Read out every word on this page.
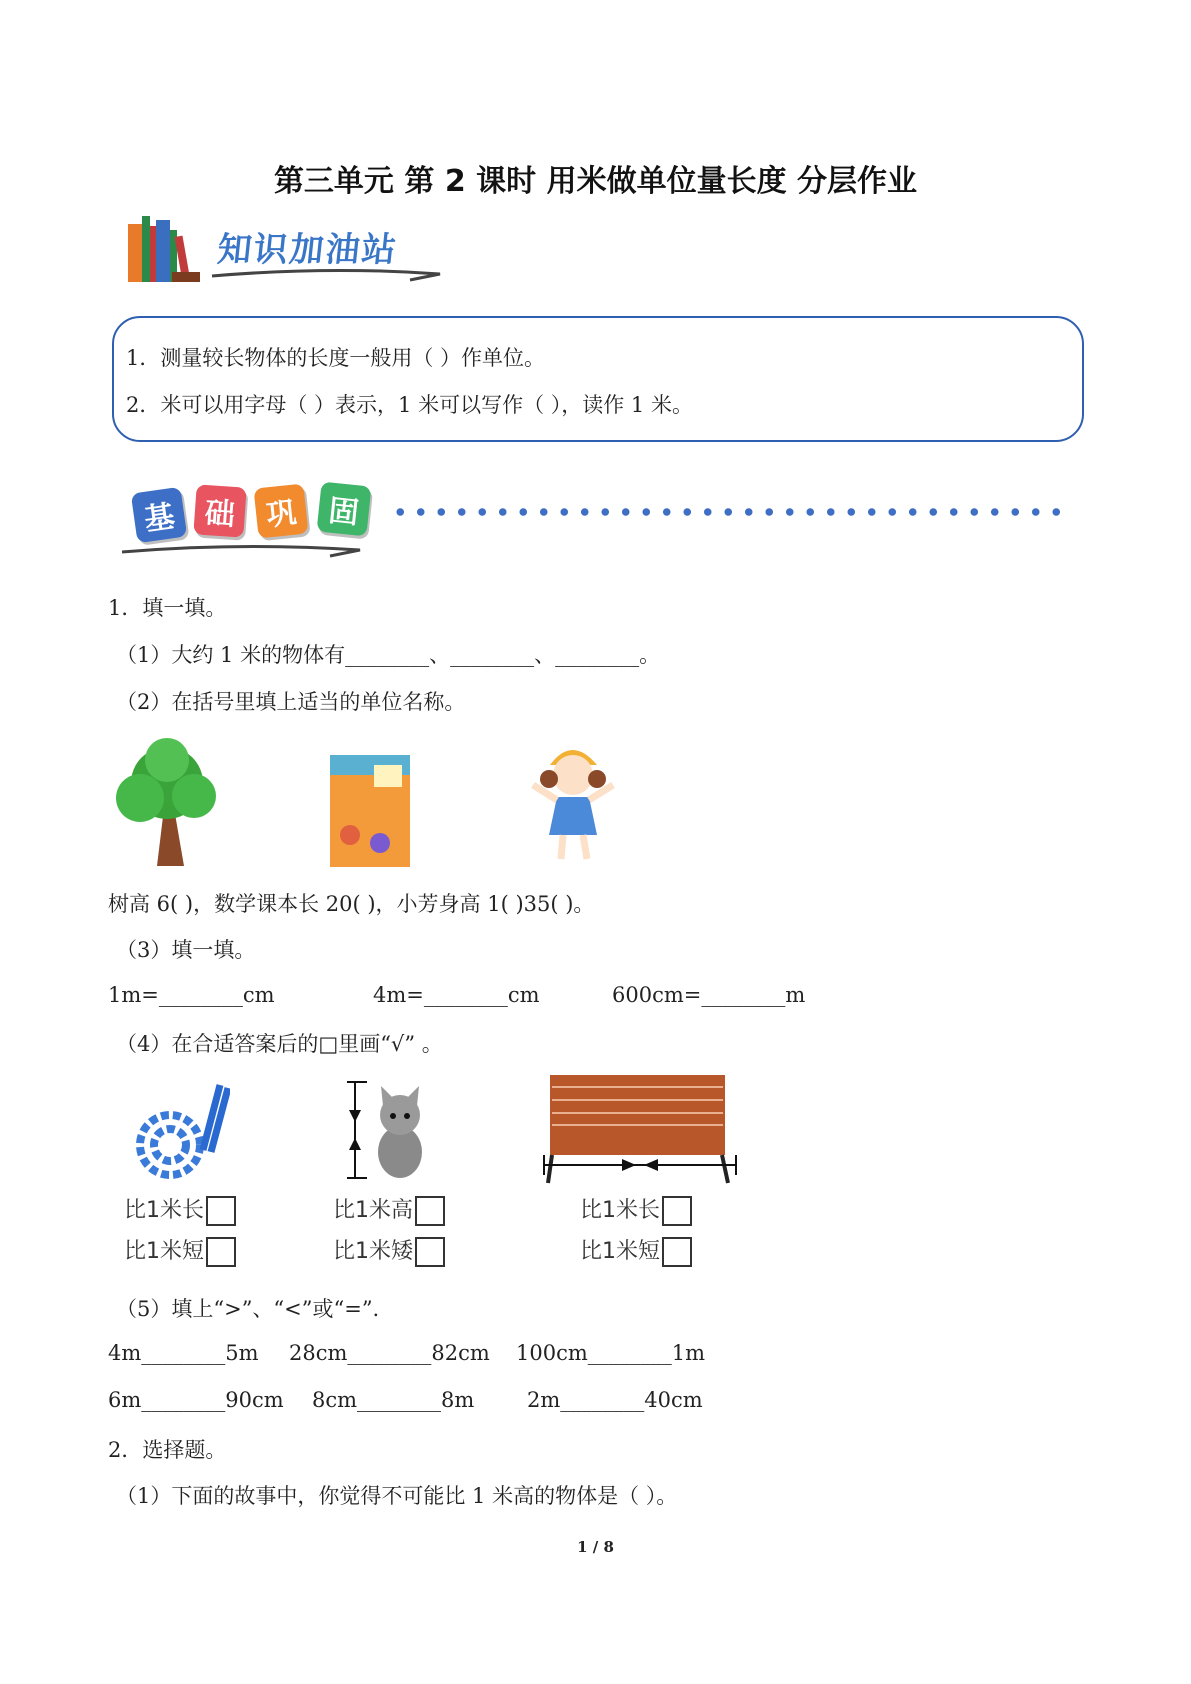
第三单元 第 2 课时 用米做单位量长度 分层作业
知识加油站
1．测量较长物体的长度一般用（ ）作单位。
2．米可以用字母（ ）表示，1 米可以写作（ ），读作 1 米。
基 础 巩 固
1．填一填。
（1）大约 1 米的物体有________、________、________。
（2）在括号里填上适当的单位名称。
树高 6( )，数学课本长 20( )，小芳身高 1( )35( )。
（3）填一填。
1m=________cm	4m=________cm	600cm=________m
（4）在合适答案后的□里画“√” 。
比1米长
比1米短
比1米高
比1米矮
比1米长
比1米短
（5）填上“>”、“<”或“=”.
4m________5m 28cm________82cm 100cm________1m
6m________90cm 8cm________8m	2m________40cm
2．选择题。
（1）下面的故事中，你觉得不可能比 1 米高的物体是（ ）。
1 / 8
